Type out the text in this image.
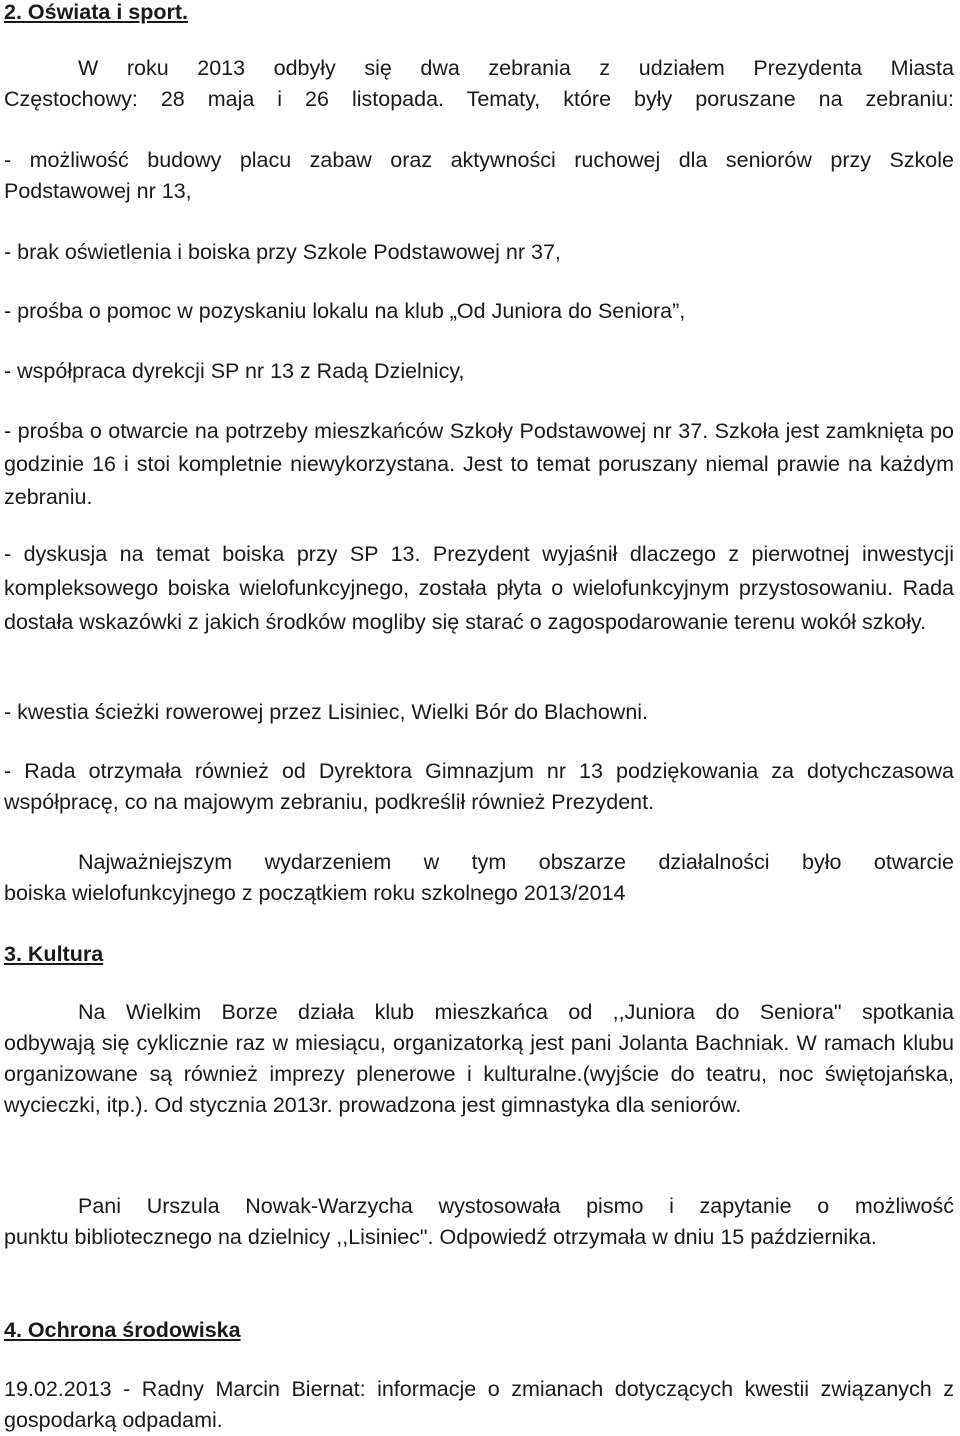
2. Oświata i sport.
W roku 2013 odbyły się dwa zebrania z udziałem Prezydenta Miasta
Częstochowy: 28 maja i 26 listopada. Tematy, które były poruszane na zebraniu:
- możliwość budowy placu zabaw oraz aktywności ruchowej dla seniorów przy Szkole
Podstawowej nr 13,
- brak oświetlenia i boiska przy Szkole Podstawowej nr 37,
- prośba o pomoc w pozyskaniu lokalu na klub „Od Juniora do Seniora”,
- współpraca dyrekcji SP nr 13 z Radą Dzielnicy,
- prośba o otwarcie na potrzeby mieszkańców Szkoły Podstawowej nr 37. Szkoła jest zamknięta po godzinie 16 i stoi kompletnie niewykorzystana. Jest to temat poruszany niemal prawie na każdym zebraniu.
- dyskusja na temat boiska przy SP 13. Prezydent wyjaśnił dlaczego z pierwotnej inwestycji kompleksowego boiska wielofunkcyjnego, została płyta o wielofunkcyjnym przystosowaniu. Rada dostała wskazówki z jakich środków mogliby się starać o zagospodarowanie terenu wokół szkoły.
- kwestia ścieżki rowerowej przez Lisiniec, Wielki Bór do Blachowni.
- Rada otrzymała również od Dyrektora Gimnazjum nr 13 podziękowania za dotychczasowa współpracę, co na majowym zebraniu, podkreślił również Prezydent.
Najważniejszym wydarzeniem w tym obszarze działalności było otwarcie
boiska wielofunkcyjnego z początkiem roku szkolnego 2013/2014
3. Kultura
Na Wielkim Borze działa klub mieszkańca od ,,Juniora do Seniora" spotkania
odbywają się cyklicznie raz w miesiącu, organizatorką jest pani Jolanta Bachniak. W ramach klubu organizowane są również imprezy plenerowe i kulturalne.(wyjście do teatru, noc świętojańska, wycieczki, itp.). Od stycznia 2013r. prowadzona jest gimnastyka dla seniorów.
Pani Urszula Nowak-Warzycha wystosowała pismo i zapytanie o możliwość
punktu bibliotecznego na dzielnicy ,,Lisiniec". Odpowiedź otrzymała w dniu 15 października.
4. Ochrona środowiska
19.02.2013 - Radny Marcin Biernat: informacje o zmianach dotyczących kwestii związanych z gospodarką odpadami.
